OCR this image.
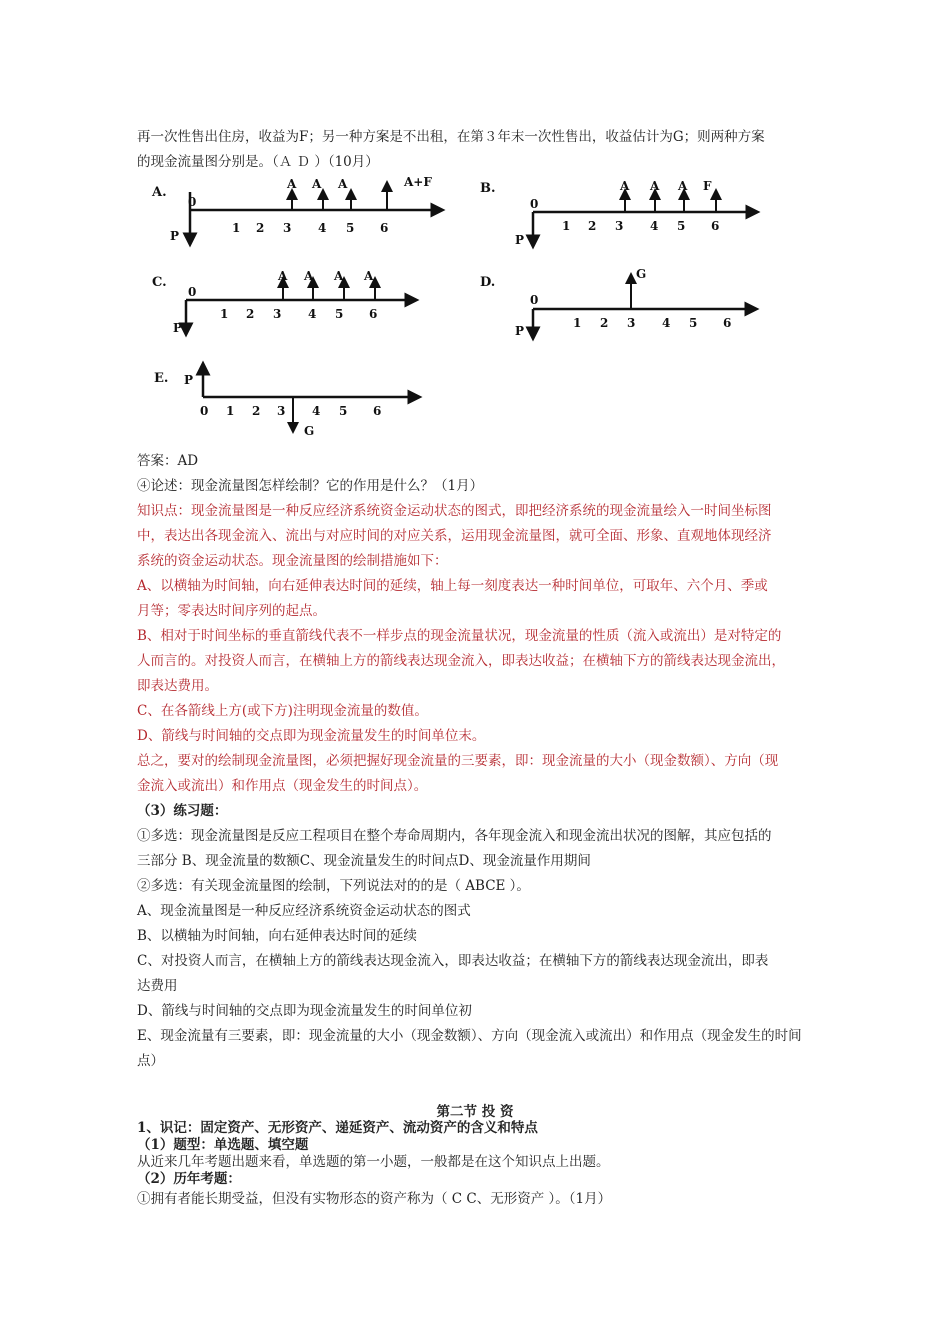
再一次性售出住房，收益为F；另一种方案是不出租，在第３年末一次性售出，收益估计为G；则两种方案
的现金流量图分别是。（Ａ Ｄ ）（10月）
A.
0
P
1 2 3 4 5 6
A A A	A+F	B.
0
P
1 2 3 4 5 6
A A A F
C.
0
P
1 2 3 4 5 6
A A A A	D.
0
P
1 2 3 4 5 6
G
E. P
0 1 2 3 4 5 6
G
答案：AD
④论述：现金流量图怎样绘制？它的作用是什么？（1月）
知识点：现金流量图是一种反应经济系统资金运动状态的图式，即把经济系统的现金流量绘入一时间坐标图
中，表达出各现金流入、流出与对应时间的对应关系，运用现金流量图，就可全面、形象、直观地体现经济
系统的资金运动状态。现金流量图的绘制措施如下：
A、以横轴为时间轴，向右延伸表达时间的延续，轴上每一刻度表达一种时间单位，可取年、六个月、季或
月等；零表达时间序列的起点。
B、相对于时间坐标的垂直箭线代表不一样步点的现金流量状况，现金流量的性质（流入或流出）是对特定的
人而言的。对投资人而言，在横轴上方的箭线表达现金流入，即表达收益；在横轴下方的箭线表达现金流出，
即表达费用。
C、在各箭线上方(或下方)注明现金流量的数值。
D、箭线与时间轴的交点即为现金流量发生的时间单位末。
总之，要对的绘制现金流量图，必须把握好现金流量的三要素，即：现金流量的大小（现金数额）、方向（现
金流入或流出）和作用点（现金发生的时间点）。
（3）练习题：
①多选：现金流量图是反应工程项目在整个寿命周期内，各年现金流入和现金流出状况的图解，其应包括的
三部分 B、现金流量的数额C、现金流量发生的时间点D、现金流量作用期间
②多选：有关现金流量图的绘制，下列说法对的的是（ ABCE ）。
A、现金流量图是一种反应经济系统资金运动状态的图式
B、以横轴为时间轴，向右延伸表达时间的延续
C、对投资人而言，在横轴上方的箭线表达现金流入，即表达收益；在横轴下方的箭线表达现金流出，即表
达费用
D、箭线与时间轴的交点即为现金流量发生的时间单位初
E、现金流量有三要素，即：现金流量的大小（现金数额）、方向（现金流入或流出）和作用点（现金发生的时间
点）
第二节 投 资
1、识记：固定资产、无形资产、递延资产、流动资产的含义和特点
（1）题型：单选题、填空题
从近来几年考题出题来看，单选题的第一小题，一般都是在这个知识点上出题。
（2）历年考题：
①拥有者能长期受益，但没有实物形态的资产称为（ C C、无形资产 ）。（1月）
